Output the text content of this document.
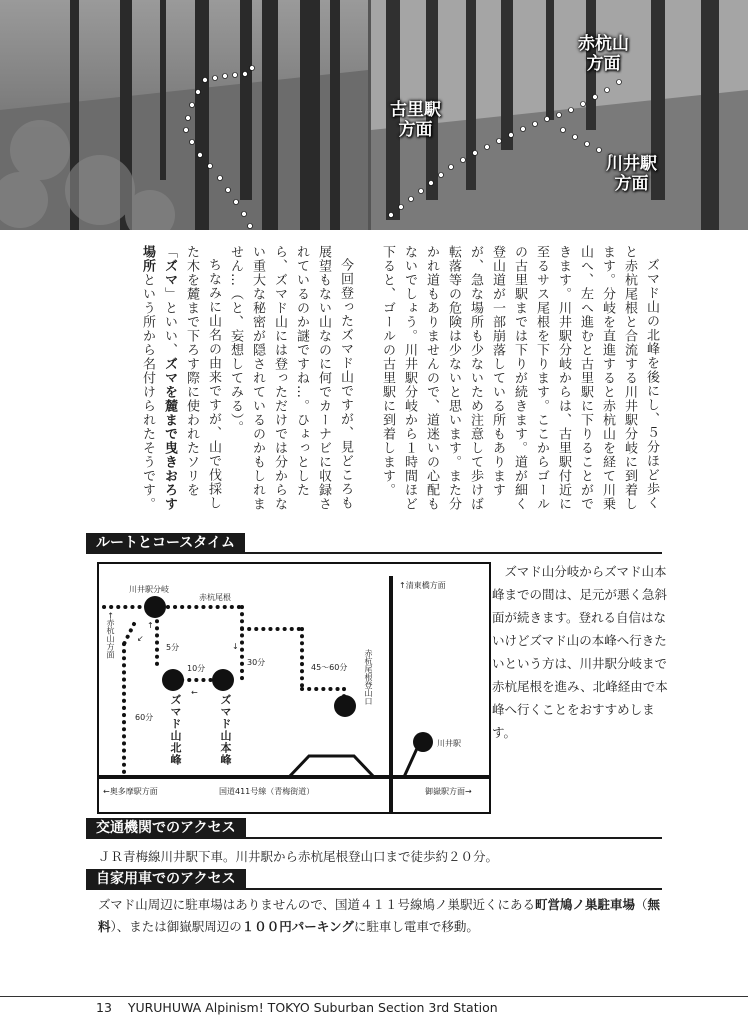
赤杭山
方面
古里駅
方面
川井駅
方面

ズマド山の北峰を後にし、５分ほど歩くと赤杭尾根と合流する川井駅分岐に到着します。分岐を直進すると赤杭山を経て川乗山へ、左へ進むと古里駅に下りることができます。川井駅分岐からは、古里駅付近に至るサス尾根を下ります。ここからゴールの古里駅までは下りが続きます。道が細く登山道が一部崩落している所もありますが、急な場所も少ないため注意して歩けば転落等の危険は少ないと思います。また分かれ道もありませんので、道迷いの心配もないでしょう。川井駅分岐から１時間ほど下ると、ゴールの古里駅に到着します。

今回登ったズマド山ですが、見どころも展望もない山なのに何でカーナビに収録されているのか謎ですね…。ひょっとしたら、ズマド山には登っただけでは分からない重大な秘密が隠されているのかもしれません…（と、妄想してみる）。

ちなみに山名の由来ですが、山で伐採した木を麓まで下ろす際に使われたソリを「ズマ」といい、ズマを麓まで曳きおろす場所という所から名付けられたそうです。

ルートとコースタイム
川井駅分岐
赤杭尾根
←赤杭山方面
↑清東橋方面
↑
↙
5分
10分
←
↓
30分
45～60分
60分 ズマド山北峰	ズマド山本峰
赤杭尾根登山口
川井駅
←奥多摩駅方面	国道411号線（青梅街道）	御嶽駅方面→

ズマド山分岐からズマド山本峰までの間は、足元が悪く急斜面が続きます。登れる自信はないけどズマド山の本峰へ行きたいという方は、川井駅分岐まで赤杭尾根を進み、北峰経由で本峰へ行くことをおすすめします。

交通機関でのアクセス
ＪＲ青梅線川井駅下車。川井駅から赤杭尾根登山口まで徒歩約２０分。
自家用車でのアクセス
ズマド山周辺に駐車場はありませんので、国道４１１号線鳩ノ巣駅近くにある町営鳩ノ巣駐車場（無料）、または御嶽駅周辺の１００円パーキングに駐車し電車で移動。
13 YURUHUWA Alpinism! TOKYO Suburban Section 3rd Station
